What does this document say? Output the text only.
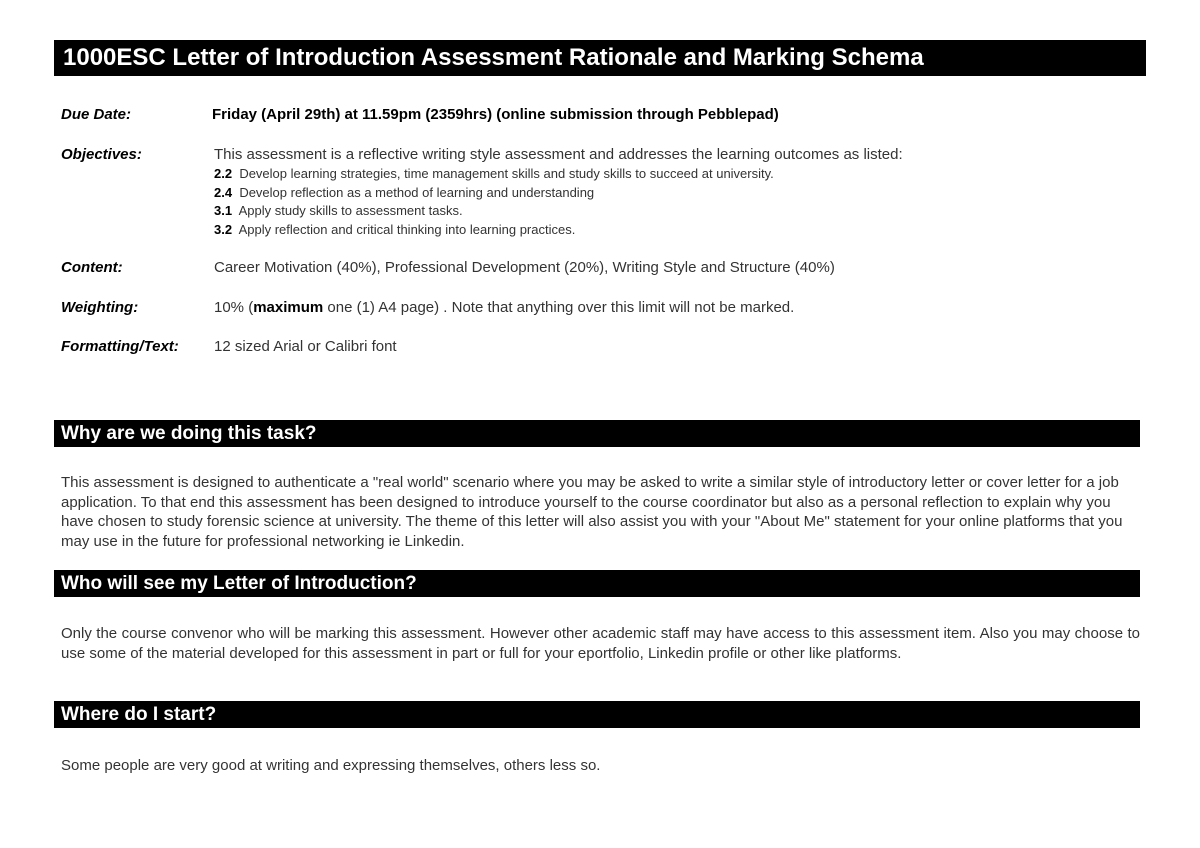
1000ESC Letter of Introduction Assessment Rationale and Marking Schema
Due Date:	Friday (April 29th) at 11.59pm (2359hrs) (online submission through Pebblepad)
Objectives:	This assessment is a reflective writing style assessment and addresses the learning outcomes as listed:
2.2 Develop learning strategies, time management skills and study skills to succeed at university.
2.4 Develop reflection as a method of learning and understanding
3.1 Apply study skills to assessment tasks.
3.2 Apply reflection and critical thinking into learning practices.
Content:	Career Motivation (40%), Professional Development (20%), Writing Style and Structure (40%)
Weighting:	10% (maximum one (1) A4 page) . Note that anything over this limit will not be marked.
Formatting/Text: 12 sized Arial or Calibri font
Why are we doing this task?
This assessment is designed to authenticate a "real world" scenario where you may be asked to write a similar style of introductory letter or cover letter for a job application. To that end this assessment has been designed to introduce yourself to the course coordinator but also as a personal reflection to explain why you have chosen to study forensic science at university. The theme of this letter will also assist you with your "About Me" statement for your online platforms that you may use in the future for professional networking ie Linkedin.
Who will see my Letter of Introduction?
Only the course convenor who will be marking this assessment. However other academic staff may have access to this assessment item. Also you may choose to use some of the material developed for this assessment in part or full for your eportfolio, Linkedin profile or other like platforms.
Where do I start?
Some people are very good at writing and expressing themselves, others less so.
